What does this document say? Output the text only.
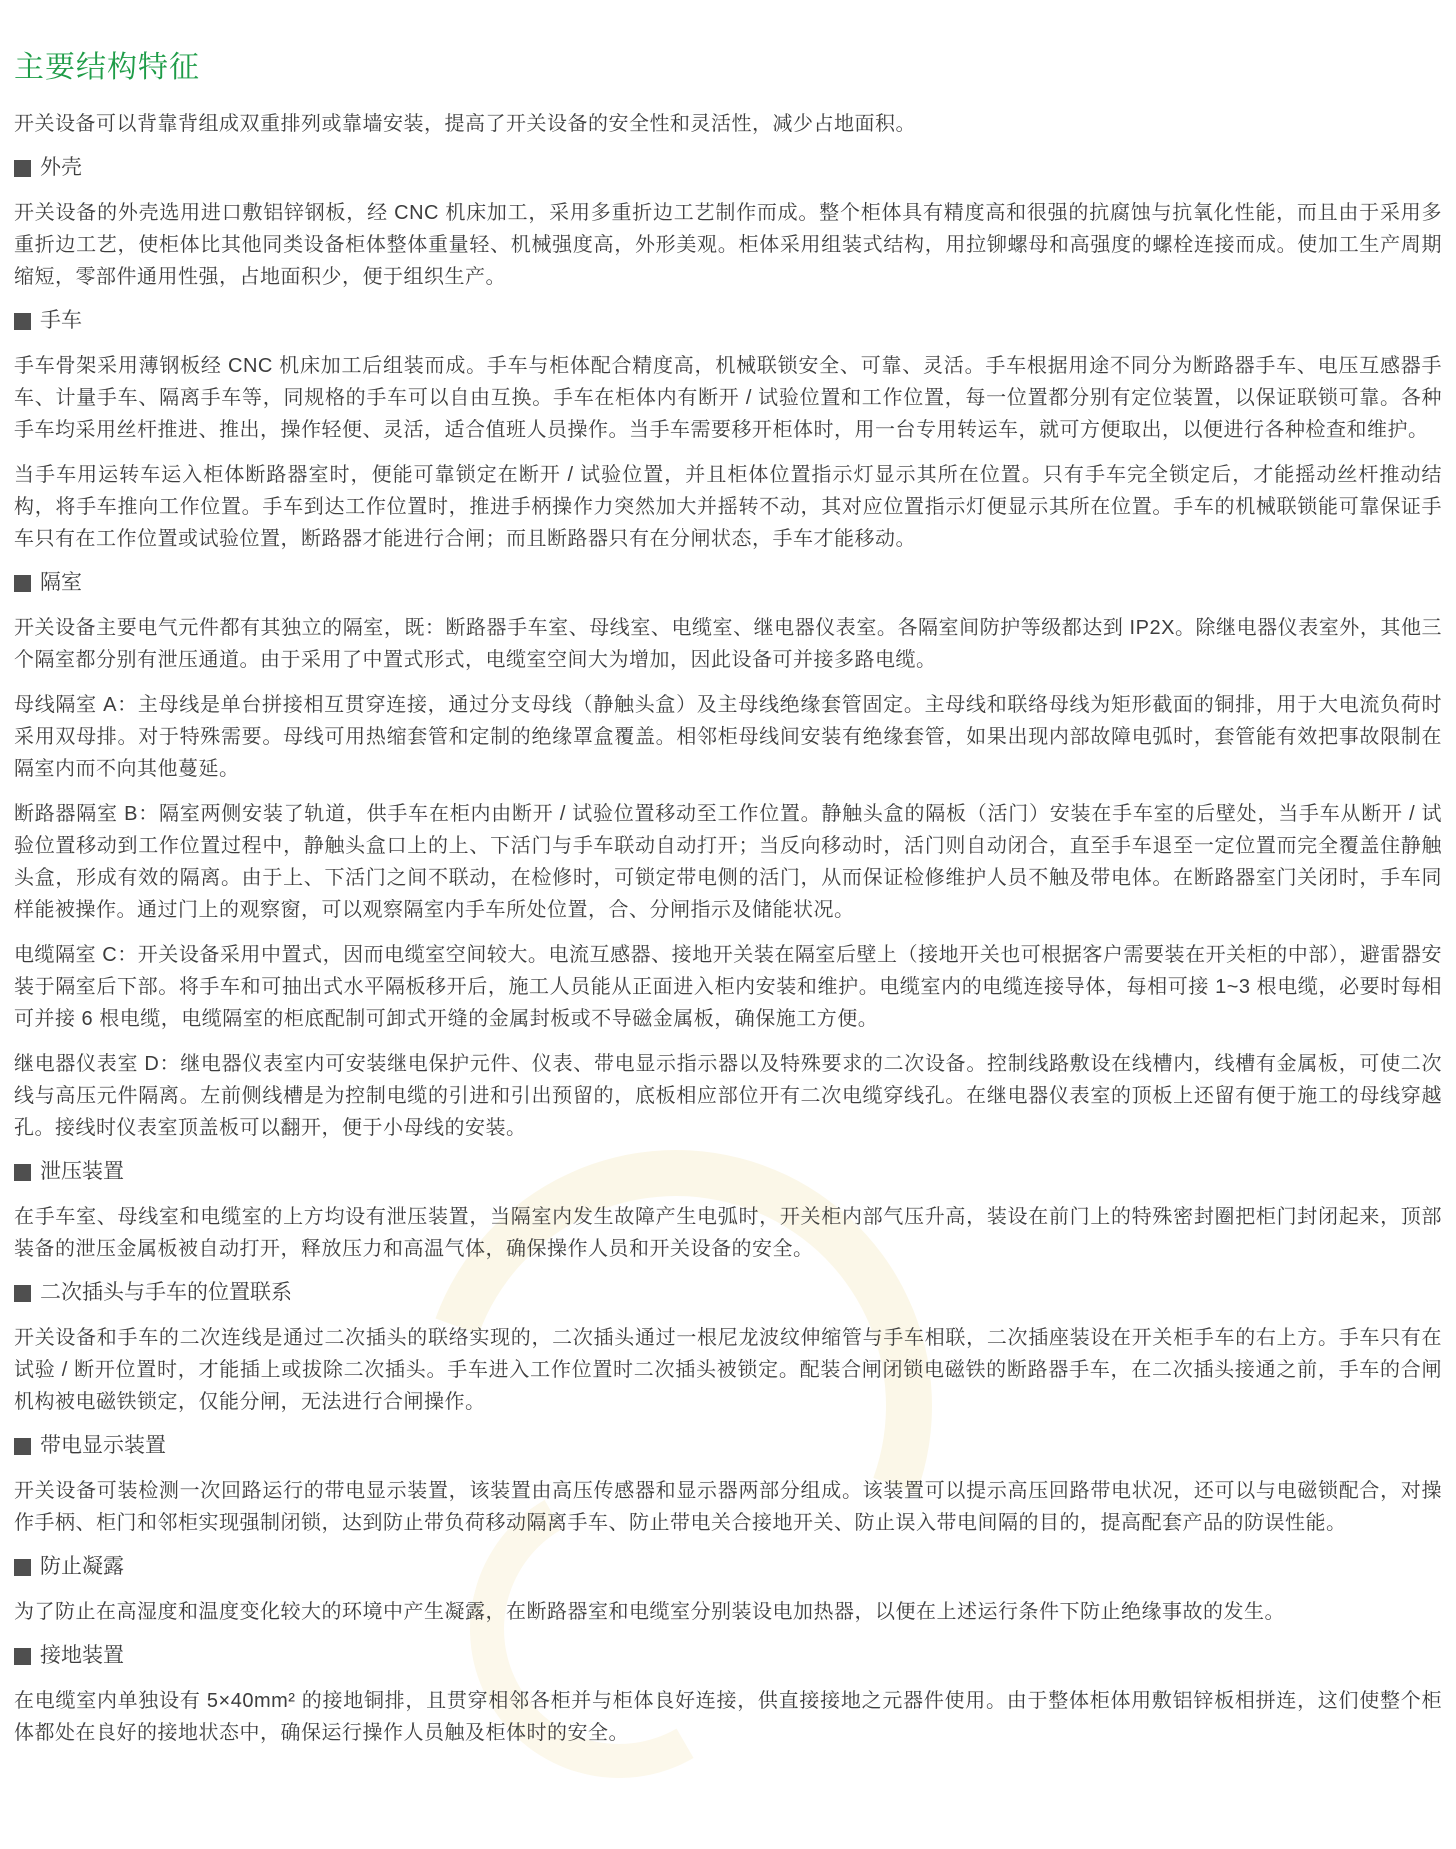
主要结构特征

开关设备可以背靠背组成双重排列或靠墙安装，提高了开关设备的安全性和灵活性，减少占地面积。

外壳

开关设备的外壳选用进口敷铝锌钢板，经 CNC 机床加工，采用多重折边工艺制作而成。整个柜体具有精度高和很强的抗腐蚀与抗氧化性能，而且由于采用多重折边工艺，使柜体比其他同类设备柜体整体重量轻、机械强度高，外形美观。柜体采用组装式结构，用拉铆螺母和高强度的螺栓连接而成。使加工生产周期缩短，零部件通用性强，占地面积少，便于组织生产。

手车

手车骨架采用薄钢板经 CNC 机床加工后组装而成。手车与柜体配合精度高，机械联锁安全、可靠、灵活。手车根据用途不同分为断路器手车、电压互感器手车、计量手车、隔离手车等，同规格的手车可以自由互换。手车在柜体内有断开 / 试验位置和工作位置，每一位置都分别有定位装置，以保证联锁可靠。各种手车均采用丝杆推进、推出，操作轻便、灵活，适合值班人员操作。当手车需要移开柜体时，用一台专用转运车，就可方便取出，以便进行各种检查和维护。

当手车用运转车运入柜体断路器室时，便能可靠锁定在断开 / 试验位置，并且柜体位置指示灯显示其所在位置。只有手车完全锁定后，才能摇动丝杆推动结构，将手车推向工作位置。手车到达工作位置时，推进手柄操作力突然加大并摇转不动，其对应位置指示灯便显示其所在位置。手车的机械联锁能可靠保证手车只有在工作位置或试验位置，断路器才能进行合闸；而且断路器只有在分闸状态，手车才能移动。

隔室

开关设备主要电气元件都有其独立的隔室，既：断路器手车室、母线室、电缆室、继电器仪表室。各隔室间防护等级都达到 IP2X。除继电器仪表室外，其他三个隔室都分别有泄压通道。由于采用了中置式形式，电缆室空间大为增加，因此设备可并接多路电缆。

母线隔室 A：主母线是单台拼接相互贯穿连接，通过分支母线（静触头盒）及主母线绝缘套管固定。主母线和联络母线为矩形截面的铜排，用于大电流负荷时采用双母排。对于特殊需要。母线可用热缩套管和定制的绝缘罩盒覆盖。相邻柜母线间安装有绝缘套管，如果出现内部故障电弧时，套管能有效把事故限制在隔室内而不向其他蔓延。

断路器隔室 B：隔室两侧安装了轨道，供手车在柜内由断开 / 试验位置移动至工作位置。静触头盒的隔板（活门）安装在手车室的后壁处，当手车从断开 / 试验位置移动到工作位置过程中，静触头盒口上的上、下活门与手车联动自动打开；当反向移动时，活门则自动闭合，直至手车退至一定位置而完全覆盖住静触头盒，形成有效的隔离。由于上、下活门之间不联动，在检修时，可锁定带电侧的活门，从而保证检修维护人员不触及带电体。在断路器室门关闭时，手车同样能被操作。通过门上的观察窗，可以观察隔室内手车所处位置，合、分闸指示及储能状况。

电缆隔室 C：开关设备采用中置式，因而电缆室空间较大。电流互感器、接地开关装在隔室后壁上（接地开关也可根据客户需要装在开关柜的中部），避雷器安装于隔室后下部。将手车和可抽出式水平隔板移开后，施工人员能从正面进入柜内安装和维护。电缆室内的电缆连接导体，每相可接 1~3 根电缆，必要时每相可并接 6 根电缆，电缆隔室的柜底配制可卸式开缝的金属封板或不导磁金属板，确保施工方便。

继电器仪表室 D：继电器仪表室内可安装继电保护元件、仪表、带电显示指示器以及特殊要求的二次设备。控制线路敷设在线槽内，线槽有金属板，可使二次线与高压元件隔离。左前侧线槽是为控制电缆的引进和引出预留的，底板相应部位开有二次电缆穿线孔。在继电器仪表室的顶板上还留有便于施工的母线穿越孔。接线时仪表室顶盖板可以翻开，便于小母线的安装。

泄压装置

在手车室、母线室和电缆室的上方均设有泄压装置，当隔室内发生故障产生电弧时，开关柜内部气压升高，装设在前门上的特殊密封圈把柜门封闭起来，顶部装备的泄压金属板被自动打开，释放压力和高温气体，确保操作人员和开关设备的安全。

二次插头与手车的位置联系

开关设备和手车的二次连线是通过二次插头的联络实现的，二次插头通过一根尼龙波纹伸缩管与手车相联，二次插座装设在开关柜手车的右上方。手车只有在试验 / 断开位置时，才能插上或拔除二次插头。手车进入工作位置时二次插头被锁定。配装合闸闭锁电磁铁的断路器手车，在二次插头接通之前，手车的合闸机构被电磁铁锁定，仅能分闸，无法进行合闸操作。

带电显示装置

开关设备可装检测一次回路运行的带电显示装置，该装置由高压传感器和显示器两部分组成。该装置可以提示高压回路带电状况，还可以与电磁锁配合，对操作手柄、柜门和邻柜实现强制闭锁，达到防止带负荷移动隔离手车、防止带电关合接地开关、防止误入带电间隔的目的，提高配套产品的防误性能。

防止凝露

为了防止在高湿度和温度变化较大的环境中产生凝露，在断路器室和电缆室分别装设电加热器，以便在上述运行条件下防止绝缘事故的发生。

接地装置

在电缆室内单独设有 5×40mm² 的接地铜排，且贯穿相邻各柜并与柜体良好连接，供直接接地之元器件使用。由于整体柜体用敷铝锌板相拼连，这们使整个柜体都处在良好的接地状态中，确保运行操作人员触及柜体时的安全。
